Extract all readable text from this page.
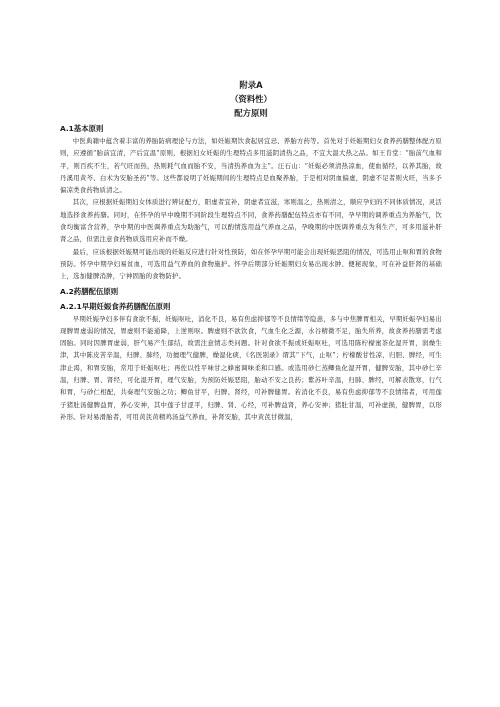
附录A
（资料性）
配方原则
A.1基本原则

中医典籍中蕴含着丰富的养胎防病理论与方法，如妊娠期饮食起居宜忌、养胎方药等。首先对于妊娠期妇女食养药膳整体配方原则，应遵循“胎前宜清，产后宜温”原则，根据妇女妊娠的生理特点多用滋阴清热之品，不宜大温大热之品。如王肯堂：“胎前气血和平，则百疾不生，若气旺而热，热则耗气血而胎不安，当清热养血为主”。汪石山：“妊娠必须清热凉血，使血循经，以养其胎，故丹溪用黄芩、白术为安胎圣药”等。这些都说明了妊娠期间的生理特点是血聚养胎，于是相对阴血偏虚，阴虚不足者则火旺，当多予偏凉类食药物质清之。

其次，应根据妊娠期妇女体质进行辨证配方，阳虚者宜补，阴虚者宜滋，寒则温之，热则清之，顺应孕妇的不同体质情况，灵活地选择食养药膳。同时，在怀孕的早中晚期不同阶段生理特点不同，食养药膳配伍特点亦有不同，孕早期的调养重点为养胎气，饮食均衡富含营养，孕中期的中医调养重点为助胎气，可以酌情选用益气养血之品，孕晚期的中医调养重点为利生产，可多用滋补肝肾之品，但需注意食药物质选用应补而不燥。

最后，应该根据妊娠期可能出现的妊娠反应进行针对性预防，如在怀孕早期可能会出现妊娠恶阻的情况，可选用止呕和胃的食物预防。怀孕中期孕妇易贫血，可选用益气养血的食物施护。怀孕后期部分妊娠期妇女易出现水肿、便秘现象，可在补益肝肾的基础上，选加健脾消肿，宁神固胎的食物防护。

A.2药膳配伍原则
A.2.1早期妊娠食养药膳配伍原则

早期妊娠孕妇多伴有食欲不振，妊娠呕吐，消化不良，易有焦虑抑郁等不良情绪等隐患，多与中焦脾胃相关，早期妊娠孕妇易出现脾胃虚弱的情况，胃虚则不能通降，上逆则呕。脾虚则不欲饮食，气血生化乏源，水谷精微不足，胎失所养，故食养药膳需考虑固胎。同时因脾胃虚弱，肝气易产生郁结，故需注意情志类问题。针对食欲不振或妊娠呕吐，可选用陈柠檬蜜茶化湿开胃，润燥生津，其中陈皮苦辛温，归脾、肺经，功擅理气健脾，燥湿化痰，《名医别录》谓其“下气，止呕”；柠檬酸甘性凉，归胆、脾经，可生津止渴，和胃安胎，常用于妊娠呕吐；再佐以性平味甘之蜂蜜调味柔和口感。或选用砂仁蒸鲫鱼化湿开胃，健脾安胎，其中砂仁辛温，归脾、胃、肾经，可化湿开胃，理气安胎，为预防妊娠恶阻，胎动不安之良药；紫苏叶辛温，归肺、脾经，可解表散寒，行气和胃，与砂仁相配，共奏理气安胎之功；鲫鱼甘平，归脾、肾经，可补脾健胃。若消化不良，易有焦虑抑郁等不良情绪者，可用莲子猪肚汤健脾益胃，养心安神，其中莲子甘涩平，归脾、肾、心经，可补脾益肾，养心安神；猪肚甘温，可补虚损，健脾胃，以形补形。针对易滑胎者，可用黄芪黄精鸡汤益气养血，补肾安胎，其中黄芪甘微温，
